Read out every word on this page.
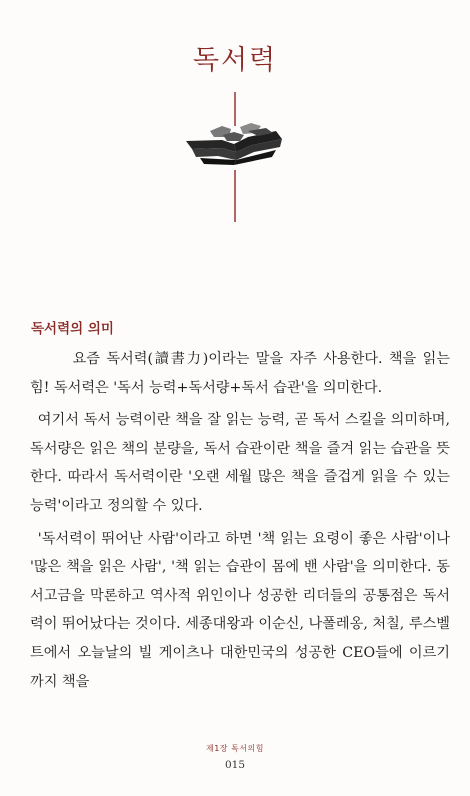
독서력
독서력의 의미

요즘 독서력(讀書力)이라는 말을 자주 사용한다. 책을 읽는 힘! 독서력은 '독서 능력+독서량+독서 습관'을 의미한다.

여기서 독서 능력이란 책을 잘 읽는 능력, 곧 독서 스킬을 의미하며, 독서량은 읽은 책의 분량을, 독서 습관이란 책을 즐겨 읽는 습관을 뜻한다. 따라서 독서력이란 '오랜 세월 많은 책을 즐겁게 읽을 수 있는 능력'이라고 정의할 수 있다.

'독서력이 뛰어난 사람'이라고 하면 '책 읽는 요령이 좋은 사람'이나 '많은 책을 읽은 사람', '책 읽는 습관이 몸에 밴 사람'을 의미한다. 동서고금을 막론하고 역사적 위인이나 성공한 리더들의 공통점은 독서력이 뛰어났다는 것이다. 세종대왕과 이순신, 나폴레옹, 처칠, 루스벨트에서 오늘날의 빌 게이츠나 대한민국의 성공한 CEO들에 이르기까지 책을

제1장 독서의힘
015
